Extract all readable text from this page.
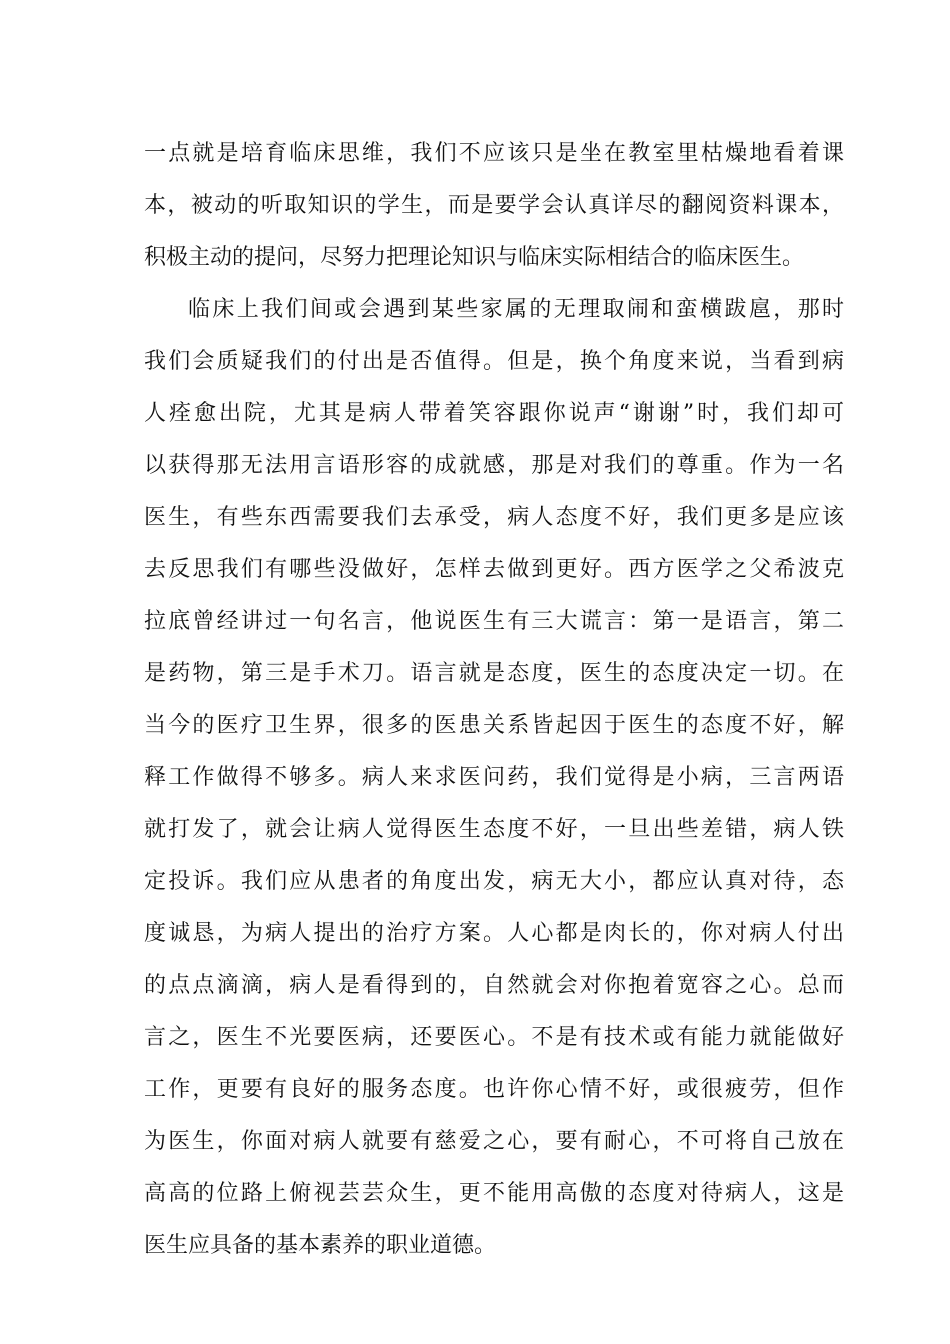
一点就是培育临床思维，我们不应该只是坐在教室里枯燥地看着课
本，被动的听取知识的学生，而是要学会认真详尽的翻阅资料课本，
积极主动的提问，尽努力把理论知识与临床实际相结合的临床医生。
临床上我们间或会遇到某些家属的无理取闹和蛮横跋扈，那时
我们会质疑我们的付出是否值得。但是，换个角度来说，当看到病
人痊愈出院，尤其是病人带着笑容跟你说声“谢谢”时，我们却可
以获得那无法用言语形容的成就感，那是对我们的尊重。作为一名
医生，有些东西需要我们去承受，病人态度不好，我们更多是应该
去反思我们有哪些没做好，怎样去做到更好。西方医学之父希波克
拉底曾经讲过一句名言，他说医生有三大谎言：第一是语言，第二
是药物，第三是手术刀。语言就是态度，医生的态度决定一切。在
当今的医疗卫生界，很多的医患关系皆起因于医生的态度不好，解
释工作做得不够多。病人来求医问药，我们觉得是小病，三言两语
就打发了，就会让病人觉得医生态度不好，一旦出些差错，病人铁
定投诉。我们应从患者的角度出发，病无大小，都应认真对待，态
度诚恳，为病人提出的治疗方案。人心都是肉长的，你对病人付出
的点点滴滴，病人是看得到的，自然就会对你抱着宽容之心。总而
言之，医生不光要医病，还要医心。不是有技术或有能力就能做好
工作，更要有良好的服务态度。也许你心情不好，或很疲劳，但作
为医生，你面对病人就要有慈爱之心，要有耐心，不可将自己放在
高高的位路上俯视芸芸众生，更不能用高傲的态度对待病人，这是
医生应具备的基本素养的职业道德。
